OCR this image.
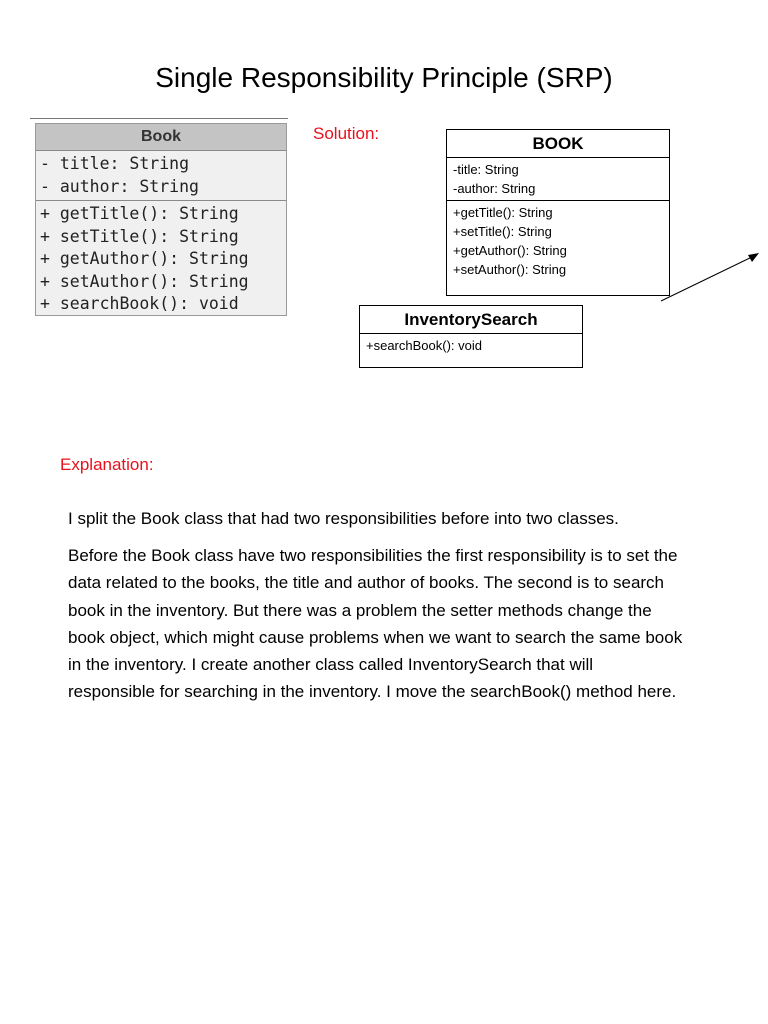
Single Responsibility Principle (SRP)
Book
- title: String
- author: String
+ getTitle(): String
+ setTitle(): String
+ getAuthor(): String
+ setAuthor(): String
+ searchBook(): void
Solution:
BOOK
-title: String
-author: String
+getTitle(): String
+setTitle(): String
+getAuthor(): String
+setAuthor(): String
InventorySearch
+searchBook(): void
Explanation:
I split the Book class that had two responsibilities before into two classes.
Before the Book class have two responsibilities the first responsibility is to set the data related to the books, the title and author of books. The second is to search book in the inventory. But there was a problem the setter methods change the book object, which might cause problems when we want to search the same book in the inventory. I create another class called InventorySearch that will responsible for searching in the inventory. I move the searchBook() method here.
